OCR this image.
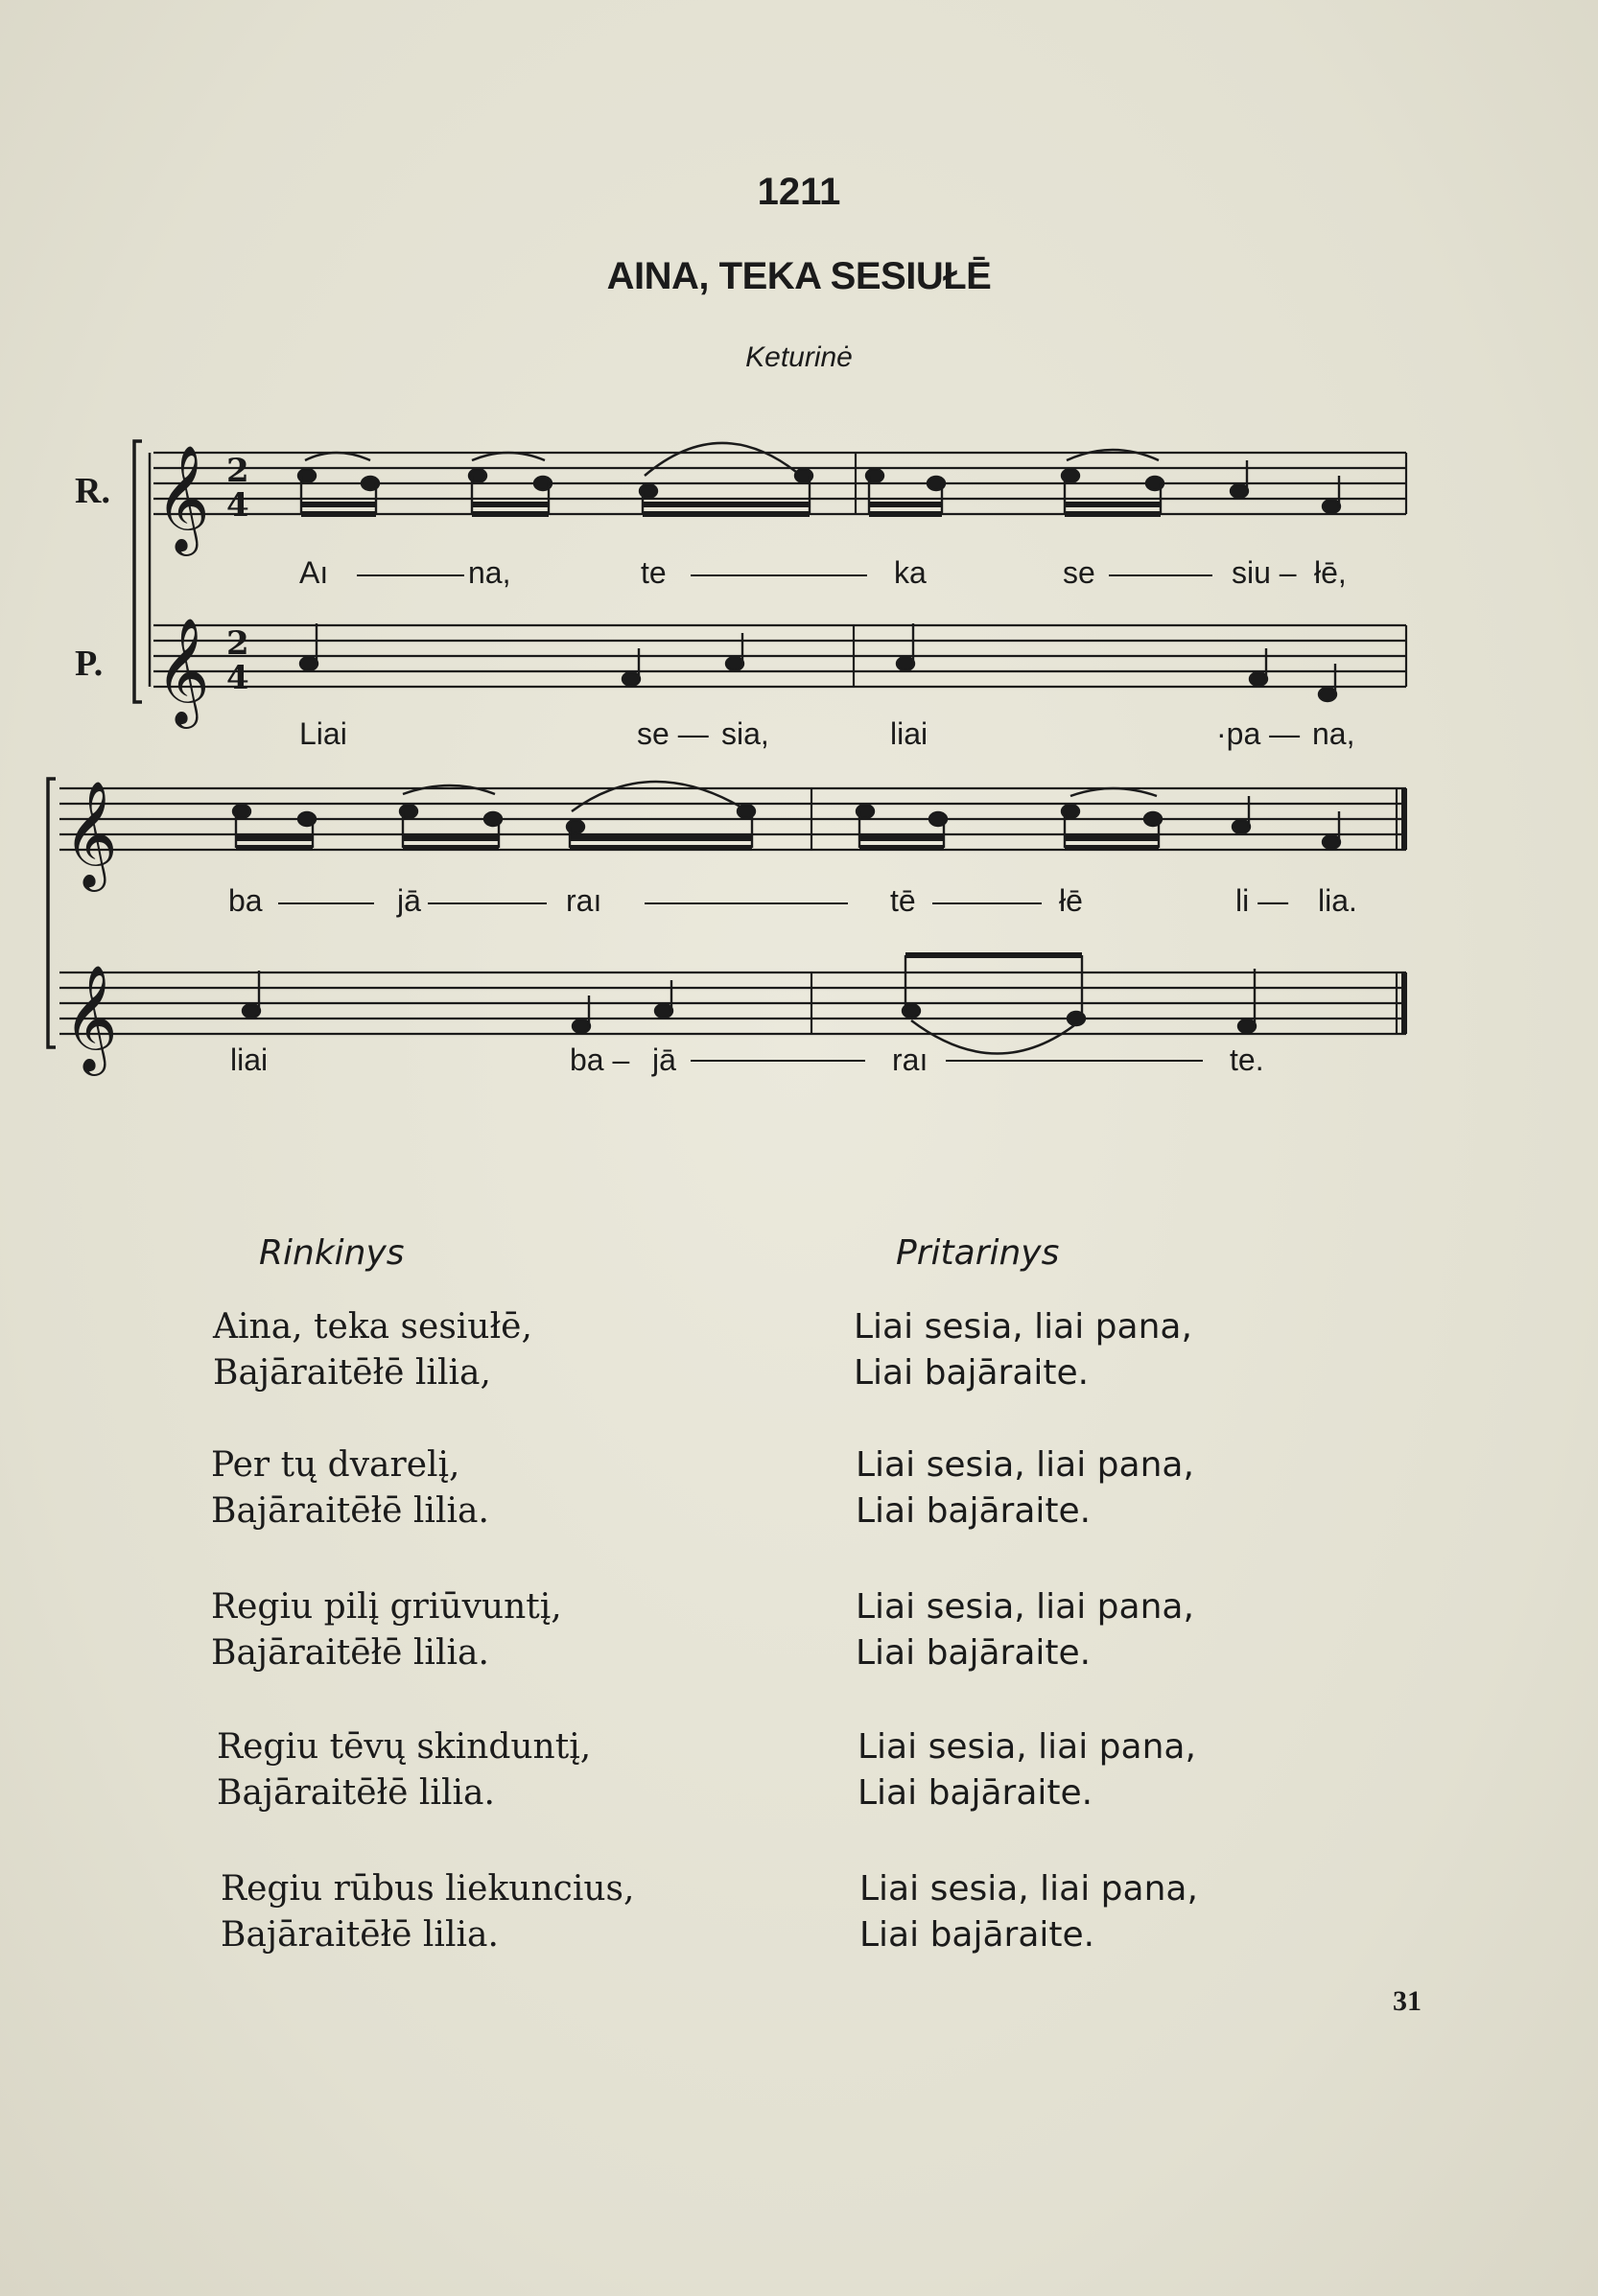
1211
AINA, TEKA SESIUŁĒ
Keturinė
𝄞 2
4
𝄞 2
4
𝄞
𝄞
R.
P.
Aı	na,	te	ka	se	siu – łē,
Liai	se — sia,	liai	·pa — na,
ba	jā	raı	tē	łē	li — lia.
liai	ba – jā	raı	te.
Rinkinys	Pritarinys
Aina, teka sesiułē,
Bajāraitēłē lilia,
Per tų dvarelį,
Bajāraitēłē lilia.
Regiu pilį griūvuntį,
Bajāraitēłē lilia.
Regiu tēvų skinduntį,
Bajāraitēłē lilia.
Regiu rūbus liekuncius,
Bajāraitēłē lilia.
Liai sesia, liai pana,
Liai bajāraite.
Liai sesia, liai pana,
Liai bajāraite.
Liai sesia, liai pana,
Liai bajāraite.
Liai sesia, liai pana,
Liai bajāraite.
Liai sesia, liai pana,
Liai bajāraite.
31
